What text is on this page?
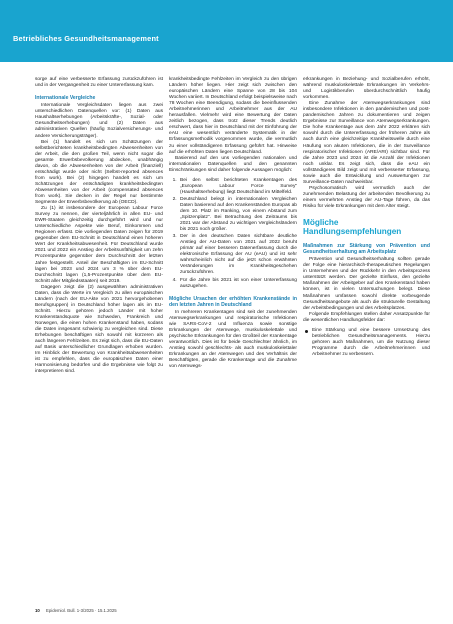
Betriebliches Gesundheitsmanagement

sorge auf eine verbesserte Erfassung zurückzuführen ist und in der Vergangenheit zu einer Untererfassung kam.

Internationale Vergleiche

Internationale Vergleichsdaten liegen aus zwei unterschiedlichen Datenquellen vor: (1) Daten aus Haushaltserhebungen (Arbeitskräfte-, Sozial- oder Gesundheitserhebungen) und (2) Daten aus administrativen Quellen (häufig Sozialversicherungs- und andere Versicherungsträger).

Bei (1) handelt es sich um Schätzungen der selbstberichteten krankheitsbedingten Abwesenheiten von der Arbeit, die den großen Teil, wenn nicht sogar die gesamte Erwerbsbevölkerung abdecken, unabhängig davon, ob die Abwesenheiten von der Arbeit (finanziell) entschädigt wurde oder nicht (Selbst-reported absences from work). Bei (2) hingegen handelt es sich um Schätzungen der entschädigten krankheitsbedingten Abwesenheiten von der Arbeit (compensated absences from work). Sie decken in der Regel nur bestimmte Segmente der Erwerbsbevölkerung ab (OECD).

Zu (1) ist insbesondere der European Labour Force Survey zu nennen, der vierteljährlich in allen EU- und EWR-Staaten gleichzeitig durchgeführt wird und nur Unterschiedliche Aspekte wie Beruf, Einkommen und Regionen erfasst. Die vorliegenden Daten zeigen für 2019 gegenüber dem EU-Schnitt in Deutschland einen höheren Wert der Krankheitsabwesenheit. Für Deutschland wurde 2021 und 2022 ein Anstieg der Arbeitsunfähigkeit um zehn Prozentpunkte gegenüber dem Durchschnitt der letzten Jahre festgestellt. Anteil der Beschäftigten im EU-Schnitt lagen bei 2023 und 2024 um 3 % über dem EU-Durchschnitt lagen (1,5-Prozentpunkte über dem EU-Schnitt aller Mitgliedsstaaten) seit 2019.

Dagegen zeigt die (2) ausgewählten administrativen Daten, dass die Werte im Vergleich zu allen europäischen Ländern (nach der EU-Akte von 2021 hervorgehobenen Berufsgruppen) in Deutschland höher lagen als im EU-Schnitt. Hierzu gehören jedoch Länder mit hoher Krankenstandsquote wie Schweden, Frankreich und Norwegen, die einen hohen Krankenstand haben, sodass die Daten insgesamt schwierig zu vergleichen sind. Diese Erhebungen beschäftigen sich sowohl mit kürzeren als auch längeren Fehlzeiten. Es zeigt sich, dass die EU-Daten auf Basis unterschiedlicher Grundlagen erhoben wurden. Im Hinblick der Bewertung von Krankheitsabwesenheiten ist zu empfehlen, dass die europäischen Daten einer Harmonisierung bedürfen und die Ergebnisse wie folgt zu interpretieren sind.

krankheitsbedingte Fehlzeiten im Vergleich zu den übrigen Ländern höher liegen. Hier zeigt sich zwischen den europäischen Ländern eine Spanne von 28 bis 104 Wochen variiert. In Deutschland erfolgt beispielsweise nach 78 Wochen eine Beendigung, sodass die beeinflussenden Arbeitnehmerinnen und Arbeitnehmer aus der AU herausfallen. Vielmehr wird eine Bewertung der Daten zeitlich bezogen, dass trotz dieser Trends deutlich erschwert, dass hier in Deutschland mit der Einführung der eAU eine wesentlich veränderte Systematik in der Erfassungsmethodik vorgenommen wurde, die vermutlich zu einer vollständigeren Erfassung geführt hat. Hinweise auf die erhöhten Daten liegen Deutschland.

Basierend auf den uns vorliegenden nationalen und internationalen Datenquellen und den genannten Einschränkungen sind daher folgende Aussagen möglich:

1. Bei den selbst berichteten Krankentagen des „European Labour Force Survey“ (Haushaltserhebung) liegt Deutschland im Mittelfeld.
2. Deutschland belegt in internationalen Vergleichen Daten basierend auf den Krankenständen Europas ab dem 10. Platz im Ranking, von einem Abstand zum „Spitzenplatz“. Bei Betrachtung des Zeitraums bis 2021 war der Abstand zu wichtigen Vergleichsländern bis 2021 noch größer.
3. Der in den deutschen Daten sichtbare deutliche Anstieg der AU-Daten von 2021 auf 2022 beruht primär auf einer besseren Datenerfassung durch die elektronische Erfassung der AU (eAU) und ist sehr wahrscheinlich nicht auf die jetzt schon erwähnten Veränderungen im Krankheitsgeschehen zurückzuführen.
4. Für die Jahre bis 2021 ist von einer Untererfassung auszugehen.
Mögliche Ursachen der erhöhten Krankenstände in den letzten Jahren in Deutschland

In mehreren Krankentagen sind seit der zunehmenden Atemwegserkrankungen und respiratorische Infektionen wie SARS-CoV-2 und Influenza sowie sonstige Erkrankungen der Atemwege, muskuloskelettale und psychische Erkrankungen für den Großteil der Krankentage verantwortlich. Dies ist für beide Geschlechter ähnlich, im Anstieg sowohl geschlechts- als auch muskuloskelettaler Erkrankungen an der Atemwegen und des Verhältnis der Beschäftigten, gerade die Krankentage und die Zunahme von Atemwegs-

erkrankungen in Beziehung- und Sozialberufen erhöht, während muskuloskelettale Erkrankungen im Verkehrs- und Logistikberufen überdurchschnittlich häufig vorkommen.

Eine Zunahme der Atemwegserkrankungen sind insbesondere Infektionen in den pandemischen und post-pandemischen Jahren zu dokumentieren und zeigen Ergebnisse zur Surveillance von Atemwegserkrankungen. Die hohe Krankentage aus dem Jahr 2022 erklären sich sowohl durch die Untererfassung der früheren Jahre als auch durch eine gleichzeitige Krankheitswelle durch eine Häufung von akuten Infektionen, die in der Surveillance respiratorischer Infektionen (ARE/ARI) sichtbar sind. Für die Jahre 2023 und 2024 ist die Anzahl der Infektionen noch unklar. Es zeigt sich, dass die eAU ein vollständigeres Bild zeigt und mit verbesserter Erfassung, sowie auch die Entwicklung und Auswertungen zur Surveillance-Daten nachweisbar.

Psychosomatisch wird vermutlich auch der zunehmenden Belastung der arbeitenden Bevölkerung zu einem vermehrten Anstieg der AU-Tage führen, da das Risiko für viele Erkrankungen mit dem Alter steigt.

Mögliche Handlungsempfehlungen
Maßnahmen zur Stärkung von Prävention und Gesundheitserhaltung am Arbeitsplatz

Prävention und Gesundheitserhaltung sollten gerade der Folge eine hierarchisch-therapeutischen Regelungen in Unternehmen und der Rückkehr in den Arbeitsprozess unterstützt werden. Der gezielte Einfluss, den gezielte Maßnahmen der Arbeitgeber auf den Krankenstand haben können, ist in vielen Untersuchungen belegt. Diese Maßnahmen umfassen sowohl direkte vorbeugende Gesundheitsangebote als auch die strukturelle Gestaltung der Arbeitsbedingungen und des Arbeitsplatzes.

Folgende Empfehlungen stellen daher Ansatzpunkte für die wesentlichen Handlungsfelder dar:

Eine Stärkung und eine bessere Umsetzung des betrieblichen Gesundheitsmanagements. Hierzu gehören auch Maßnahmen, um die Nutzung dieser Programme durch die Arbeitnehmerinnen und Arbeitnehmer zu verbessern.
10 Epidemiol. Bull. 1-3/2025 · 15.1.2025
